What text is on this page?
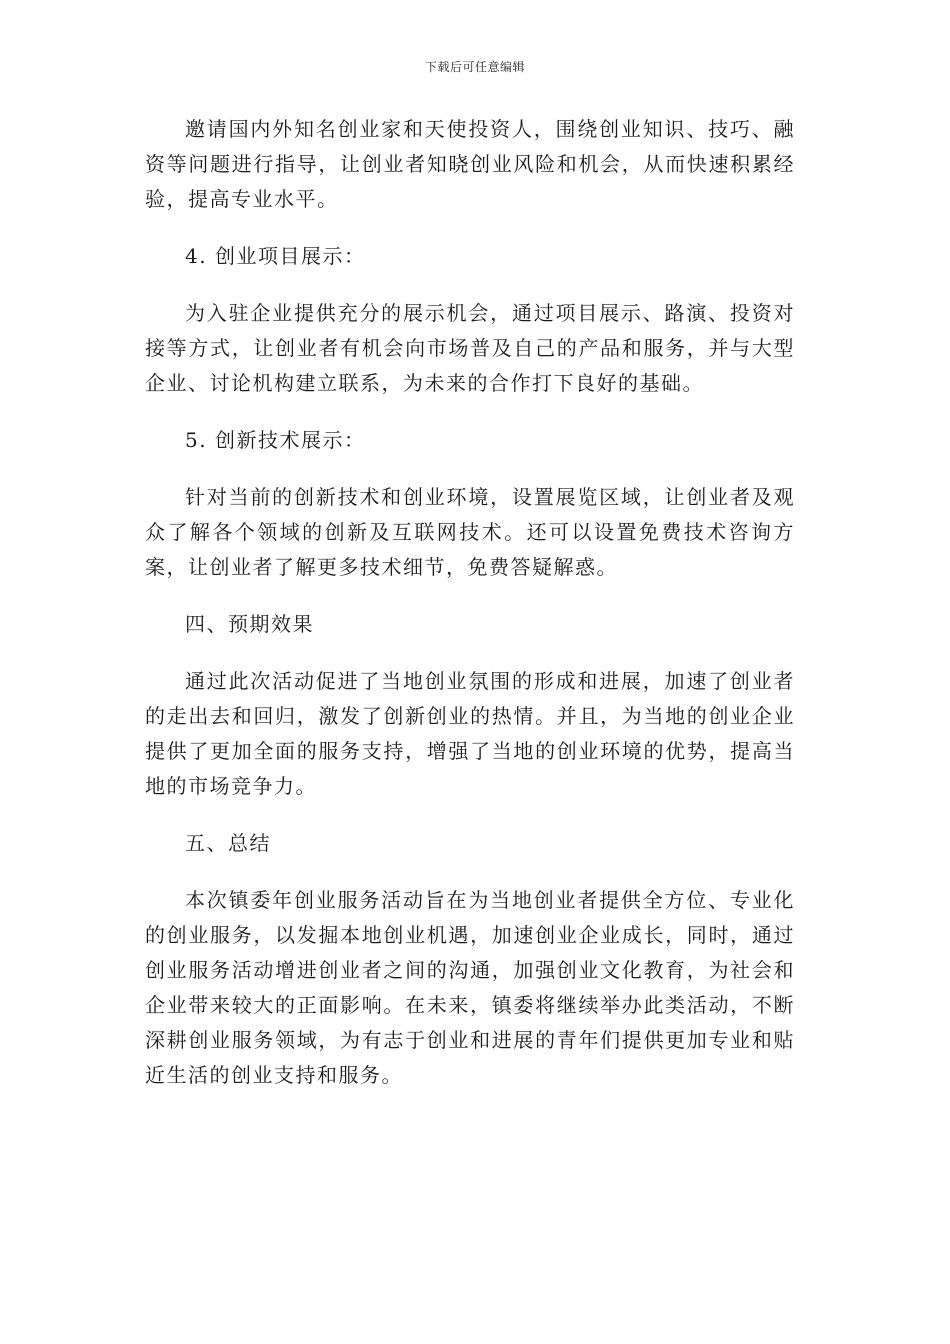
下载后可任意编辑

邀请国内外知名创业家和天使投资人，围绕创业知识、技巧、融资等问题进行指导，让创业者知晓创业风险和机会，从而快速积累经验，提高专业水平。

4. 创业项目展示：

为入驻企业提供充分的展示机会，通过项目展示、路演、投资对接等方式，让创业者有机会向市场普及自己的产品和服务，并与大型企业、讨论机构建立联系，为未来的合作打下良好的基础。

5. 创新技术展示：

针对当前的创新技术和创业环境，设置展览区域，让创业者及观众了解各个领域的创新及互联网技术。还可以设置免费技术咨询方案，让创业者了解更多技术细节，免费答疑解惑。

四、预期效果

通过此次活动促进了当地创业氛围的形成和进展，加速了创业者的走出去和回归，激发了创新创业的热情。并且，为当地的创业企业提供了更加全面的服务支持，增强了当地的创业环境的优势，提高当地的市场竞争力。

五、总结

本次镇委年创业服务活动旨在为当地创业者提供全方位、专业化的创业服务，以发掘本地创业机遇，加速创业企业成长，同时，通过创业服务活动增进创业者之间的沟通，加强创业文化教育，为社会和企业带来较大的正面影响。在未来，镇委将继续举办此类活动，不断深耕创业服务领域，为有志于创业和进展的青年们提供更加专业和贴近生活的创业支持和服务。
